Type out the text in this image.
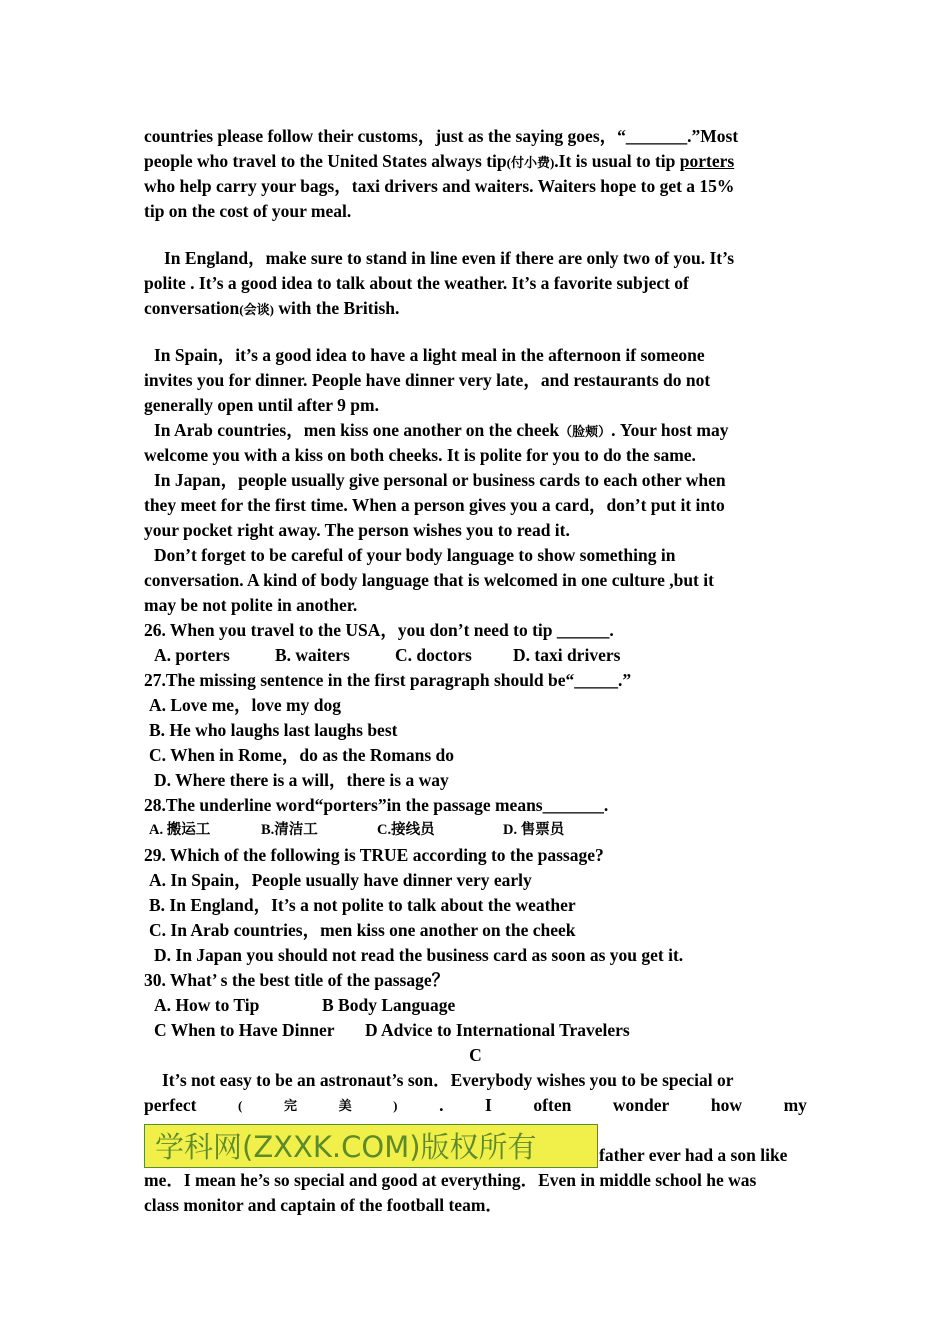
countries please follow their customs，just as the saying goes，“_______.”Most
people who travel to the United States always tip(付小费).It is usual to tip porters
who help carry your bags，taxi drivers and waiters. Waiters hope to get a 15%
tip on the cost of your meal.
In England，make sure to stand in line even if there are only two of you. It’s
polite . It’s a good idea to talk about the weather. It’s a favorite subject of
conversation(会谈) with the British.
In Spain，it’s a good idea to have a light meal in the afternoon if someone
invites you for dinner. People have dinner very late，and restaurants do not
generally open until after 9 pm.
In Arab countries，men kiss one another on the cheek（脸颊）. Your host may
welcome you with a kiss on both cheeks. It is polite for you to do the same.
In Japan，people usually give personal or business cards to each other when
they meet for the first time. When a person gives you a card，don’t put it into
your pocket right away. The person wishes you to read it.
Don’t forget to be careful of your body language to show something in
conversation. A kind of body language that is welcomed in one culture ,but it
may be not polite in another.
26. When you travel to the USA，you don’t need to tip ______.
A. porters	B. waiters	C. doctors D. taxi drivers
27.The missing sentence in the first paragraph should be“_____.”
A. Love me，love my dog
B. He who laughs last laughs best
C. When in Rome，do as the Romans do
D. Where there is a will，there is a way
28.The underline word“porters”in the passage means_______.
A. 搬运工	B.清洁工	C.接线员	D. 售票员
29. Which of the following is TRUE according to the passage?
A. In Spain，People usually have dinner very early
B. In England，It’s a not polite to talk about the weather
C. In Arab countries，men kiss one another on the cheek
D. In Japan you should not read the business card as soon as you get it.
30. What’ s the best title of the passage？
A. How to Tip	B Body Language
C When to Have Dinner D Advice to International Travelers
C
It’s not easy to be an astronaut’s son．Everybody wishes you to be special or
perfect	(	完	美	) . I often wonder how my
学科网(ZXXK.COM)版权所有	father ever had a son like
me．I mean he’s so special and good at everything．Even in middle school he was
class monitor and captain of the football team．
